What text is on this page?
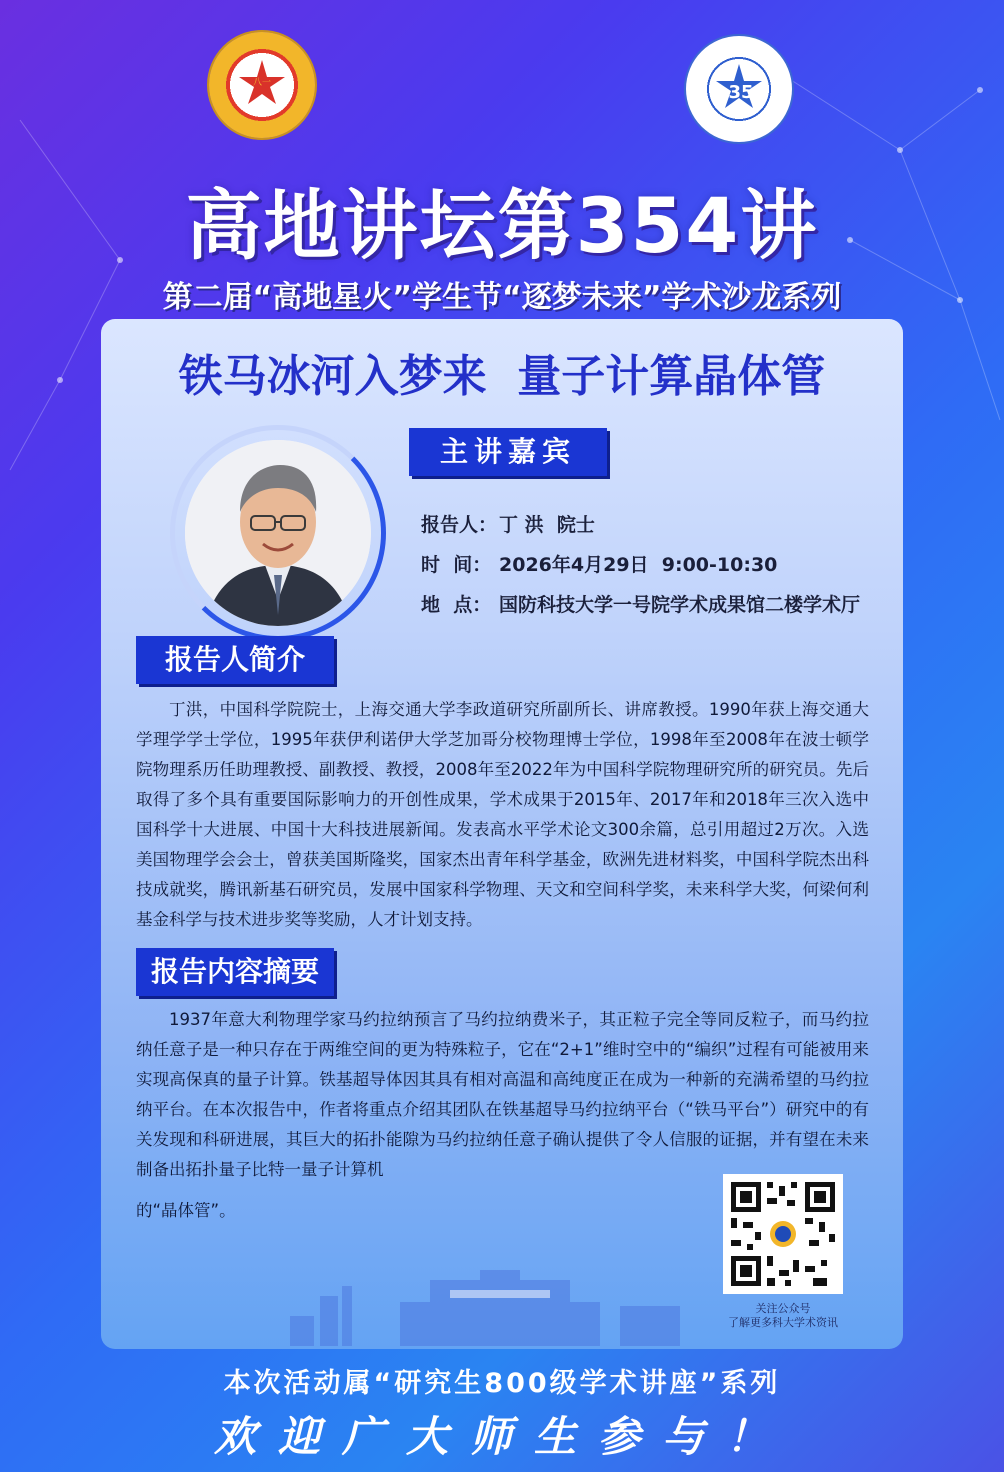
八一	35
高地讲坛第354讲
第二届“高地星火”学生节“逐梦未来”学术沙龙系列
铁马冰河入梦来  量子计算晶体管
主讲嘉宾
报告人： 丁 洪  院士
时  间： 2026年4月29日  9:00-10:30
地  点： 国防科技大学一号院学术成果馆二楼学术厅
报告人简介

丁洪，中国科学院院士，上海交通大学李政道研究所副所长、讲席教授。1990年获上海交通大学理学学士学位，1995年获伊利诺伊大学芝加哥分校物理博士学位，1998年至2008年在波士顿学院物理系历任助理教授、副教授、教授，2008年至2022年为中国科学院物理研究所的研究员。先后取得了多个具有重要国际影响力的开创性成果，学术成果于2015年、2017年和2018年三次入选中国科学十大进展、中国十大科技进展新闻。发表高水平学术论文300余篇，总引用超过2万次。入选美国物理学会会士，曾获美国斯隆奖，国家杰出青年科学基金，欧洲先进材料奖，中国科学院杰出科技成就奖，腾讯新基石研究员，发展中国家科学物理、天文和空间科学奖，未来科学大奖，何梁何利基金科学与技术进步奖等奖励，人才计划支持。

报告内容摘要

1937年意大利物理学家马约拉纳预言了马约拉纳费米子，其正粒子完全等同反粒子，而马约拉纳任意子是一种只存在于两维空间的更为特殊粒子，它在“2+1”维时空中的“编织”过程有可能被用来实现高保真的量子计算。铁基超导体因其具有相对高温和高纯度正在成为一种新的充满希望的马约拉纳平台。在本次报告中，作者将重点介绍其团队在铁基超导马约拉纳平台（“铁马平台”）研究中的有关发现和科研进展，其巨大的拓扑能隙为马约拉纳任意子确认提供了令人信服的证据，并有望在未来制备出拓扑量子比特一量子计算机

的“晶体管”。
关注公众号
了解更多科大学术资讯
本次活动属“研究生800级学术讲座”系列
欢迎广大师生参与！
